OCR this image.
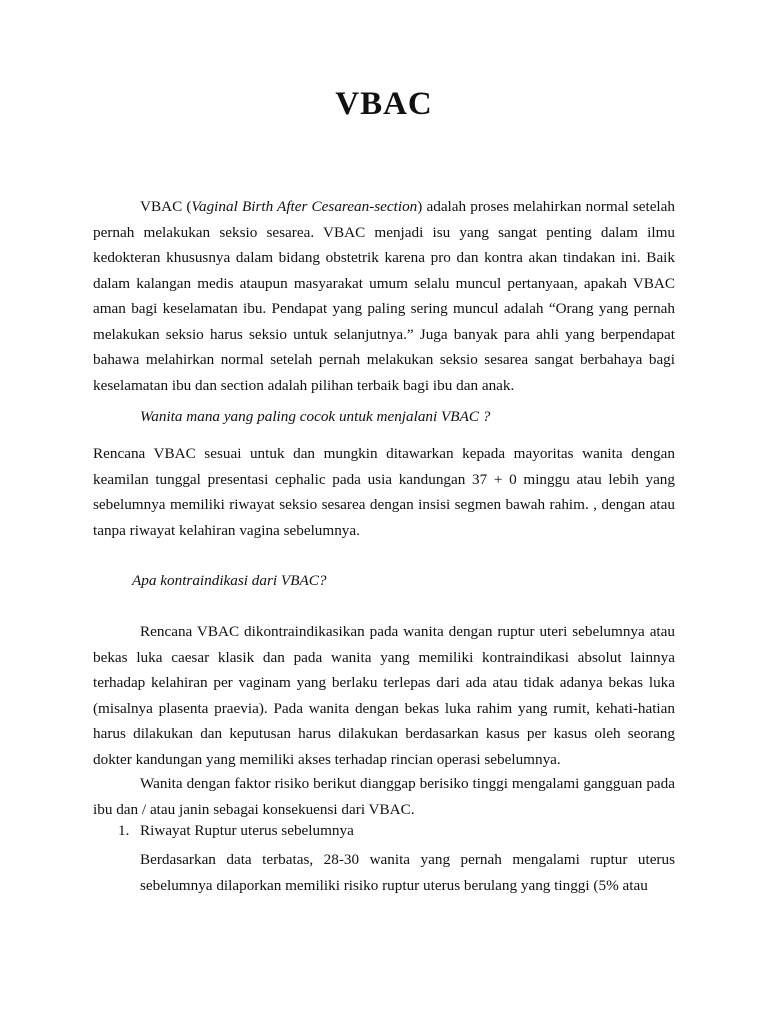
VBAC

VBAC (Vaginal Birth After Cesarean-section) adalah proses melahirkan normal setelah pernah melakukan seksio sesarea. VBAC menjadi isu yang sangat penting dalam ilmu kedokteran khususnya dalam bidang obstetrik karena pro dan kontra akan tindakan ini. Baik dalam kalangan medis ataupun masyarakat umum selalu muncul pertanyaan, apakah VBAC aman bagi keselamatan ibu. Pendapat yang paling sering muncul adalah “Orang yang pernah melakukan seksio harus seksio untuk selanjutnya.” Juga banyak para ahli yang berpendapat bahawa melahirkan normal setelah pernah melakukan seksio sesarea sangat berbahaya bagi keselamatan ibu dan section adalah pilihan terbaik bagi ibu dan anak.

Wanita mana yang paling cocok untuk menjalani VBAC ?

Rencana VBAC sesuai untuk dan mungkin ditawarkan kepada mayoritas wanita dengan keamilan tunggal presentasi cephalic pada usia kandungan 37 + 0 minggu atau lebih yang sebelumnya memiliki riwayat seksio sesarea dengan insisi segmen bawah rahim. , dengan atau tanpa riwayat kelahiran vagina sebelumnya.

Apa kontraindikasi dari VBAC?

Rencana VBAC dikontraindikasikan pada wanita dengan ruptur uteri sebelumnya atau bekas luka caesar klasik dan pada wanita yang memiliki kontraindikasi absolut lainnya terhadap kelahiran per vaginam yang berlaku terlepas dari ada atau tidak adanya bekas luka (misalnya plasenta praevia). Pada wanita dengan bekas luka rahim yang rumit, kehati-hatian harus dilakukan dan keputusan harus dilakukan berdasarkan kasus per kasus oleh seorang dokter kandungan yang memiliki akses terhadap rincian operasi sebelumnya.

Wanita dengan faktor risiko berikut dianggap berisiko tinggi mengalami gangguan pada ibu dan / atau janin sebagai konsekuensi dari VBAC.

1. Riwayat Ruptur uterus sebelumnya

Berdasarkan data terbatas, 28-30 wanita yang pernah mengalami ruptur uterus sebelumnya dilaporkan memiliki risiko ruptur uterus berulang yang tinggi (5% atau
